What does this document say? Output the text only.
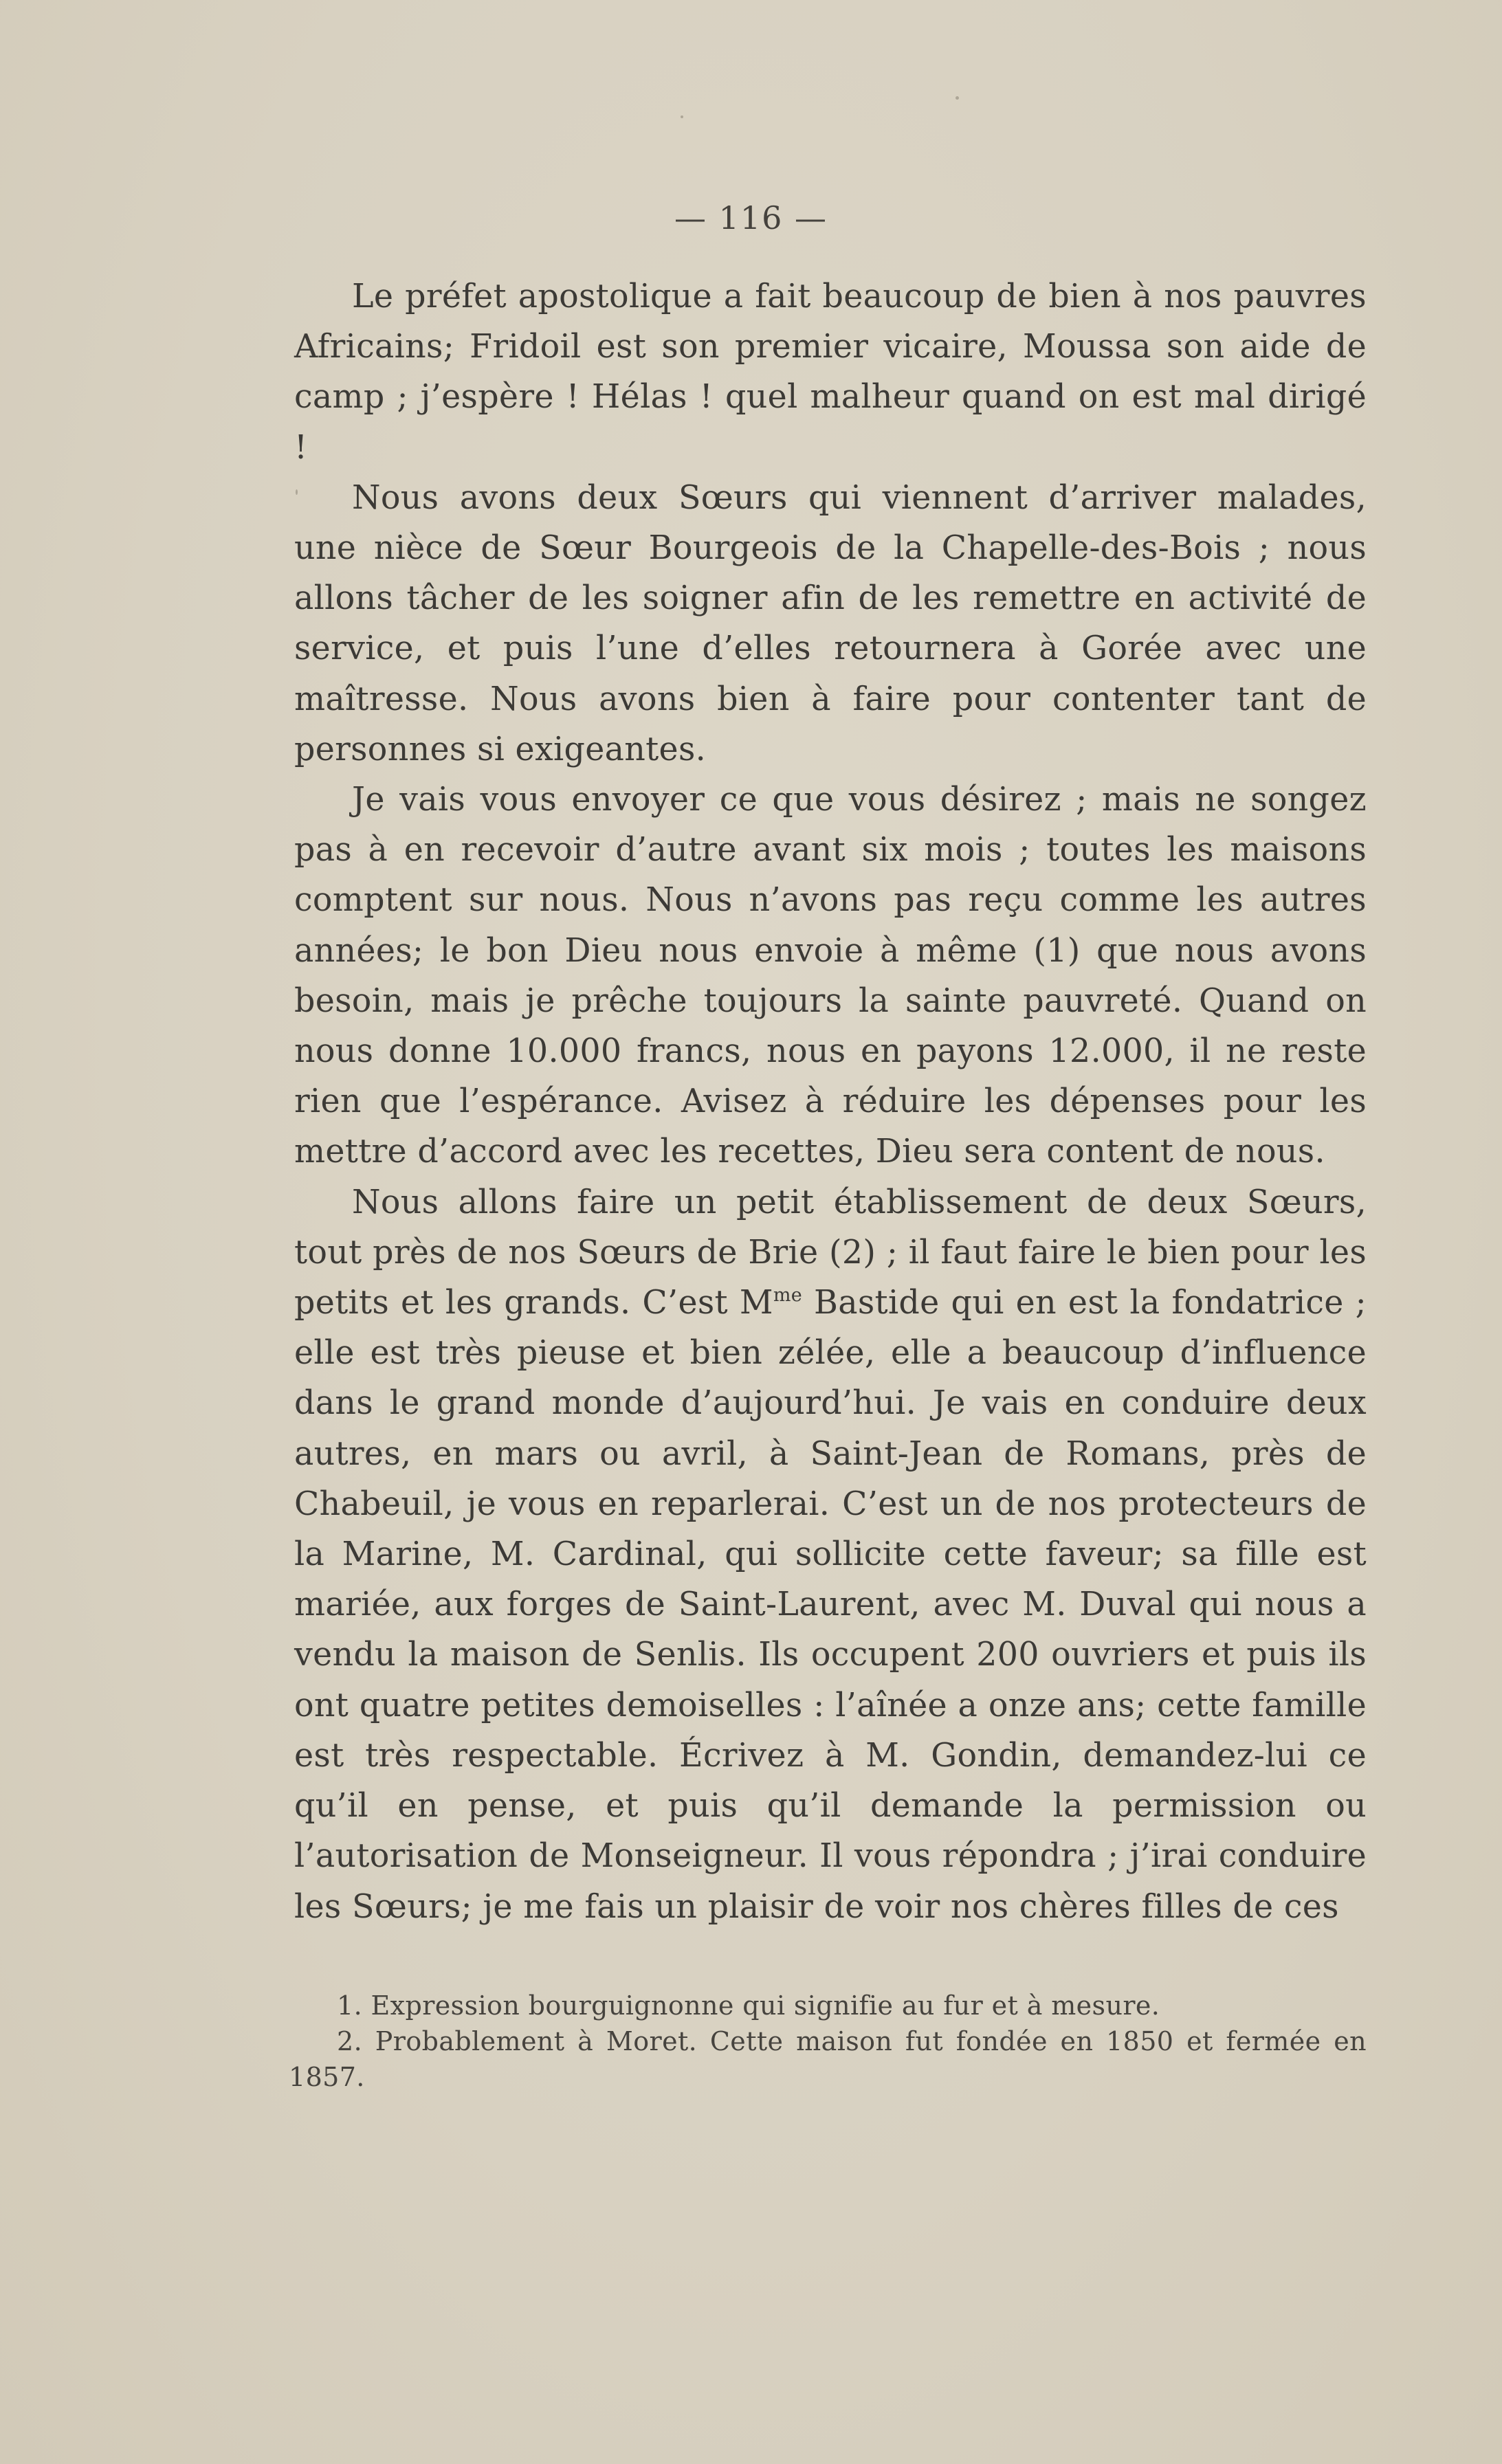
— 116 —

Le préfet apostolique a fait beaucoup de bien à nos pauvres Africains; Fridoil est son premier vicaire, Moussa son aide de camp ; j’espère ! Hélas ! quel malheur quand on est mal dirigé !

Nous avons deux Sœurs qui viennent d’arriver malades, une nièce de Sœur Bourgeois de la Chapelle-des-Bois ; nous allons tâcher de les soigner afin de les remettre en activité de service, et puis l’une d’elles retournera à Gorée avec une maîtresse. Nous avons bien à faire pour contenter tant de personnes si exigeantes.

Je vais vous envoyer ce que vous désirez ; mais ne songez pas à en recevoir d’autre avant six mois ; toutes les maisons comptent sur nous. Nous n’avons pas reçu comme les autres années; le bon Dieu nous envoie à même (1) que nous avons besoin, mais je prêche toujours la sainte pauvreté. Quand on nous donne 10.000 francs, nous en payons 12.000, il ne reste rien que l’espérance. Avisez à réduire les dépenses pour les mettre d’accord avec les recettes, Dieu sera content de nous.

Nous allons faire un petit établissement de deux Sœurs, tout près de nos Sœurs de Brie (2) ; il faut faire le bien pour les petits et les grands. C’est $M^{me}$ Bastide qui en est la fondatrice ; elle est très pieuse et bien zélée, elle a beaucoup d’influence dans le grand monde d’aujourd’hui. Je vais en conduire deux autres, en mars ou avril, à Saint-Jean de Romans, près de Chabeuil, je vous en reparlerai. C’est un de nos protecteurs de la Marine, M. Cardinal, qui sollicite cette faveur; sa fille est mariée, aux forges de Saint-Laurent, avec M. Duval qui nous a vendu la maison de Senlis. Ils occupent 200 ouvriers et puis ils ont quatre petites demoiselles : l’aînée a onze ans; cette famille est très respectable. Écrivez à M. Gondin, demandez-lui ce qu’il en pense, et puis qu’il demande la permission ou l’autorisation de Monseigneur. Il vous répondra ; j’irai conduire les Sœurs; je me fais un plaisir de voir nos chères filles de ces

1. Expression bourguignonne qui signifie au fur et à mesure.

2. Probablement à Moret. Cette maison fut fondée en 1850 et fermée en 1857.
